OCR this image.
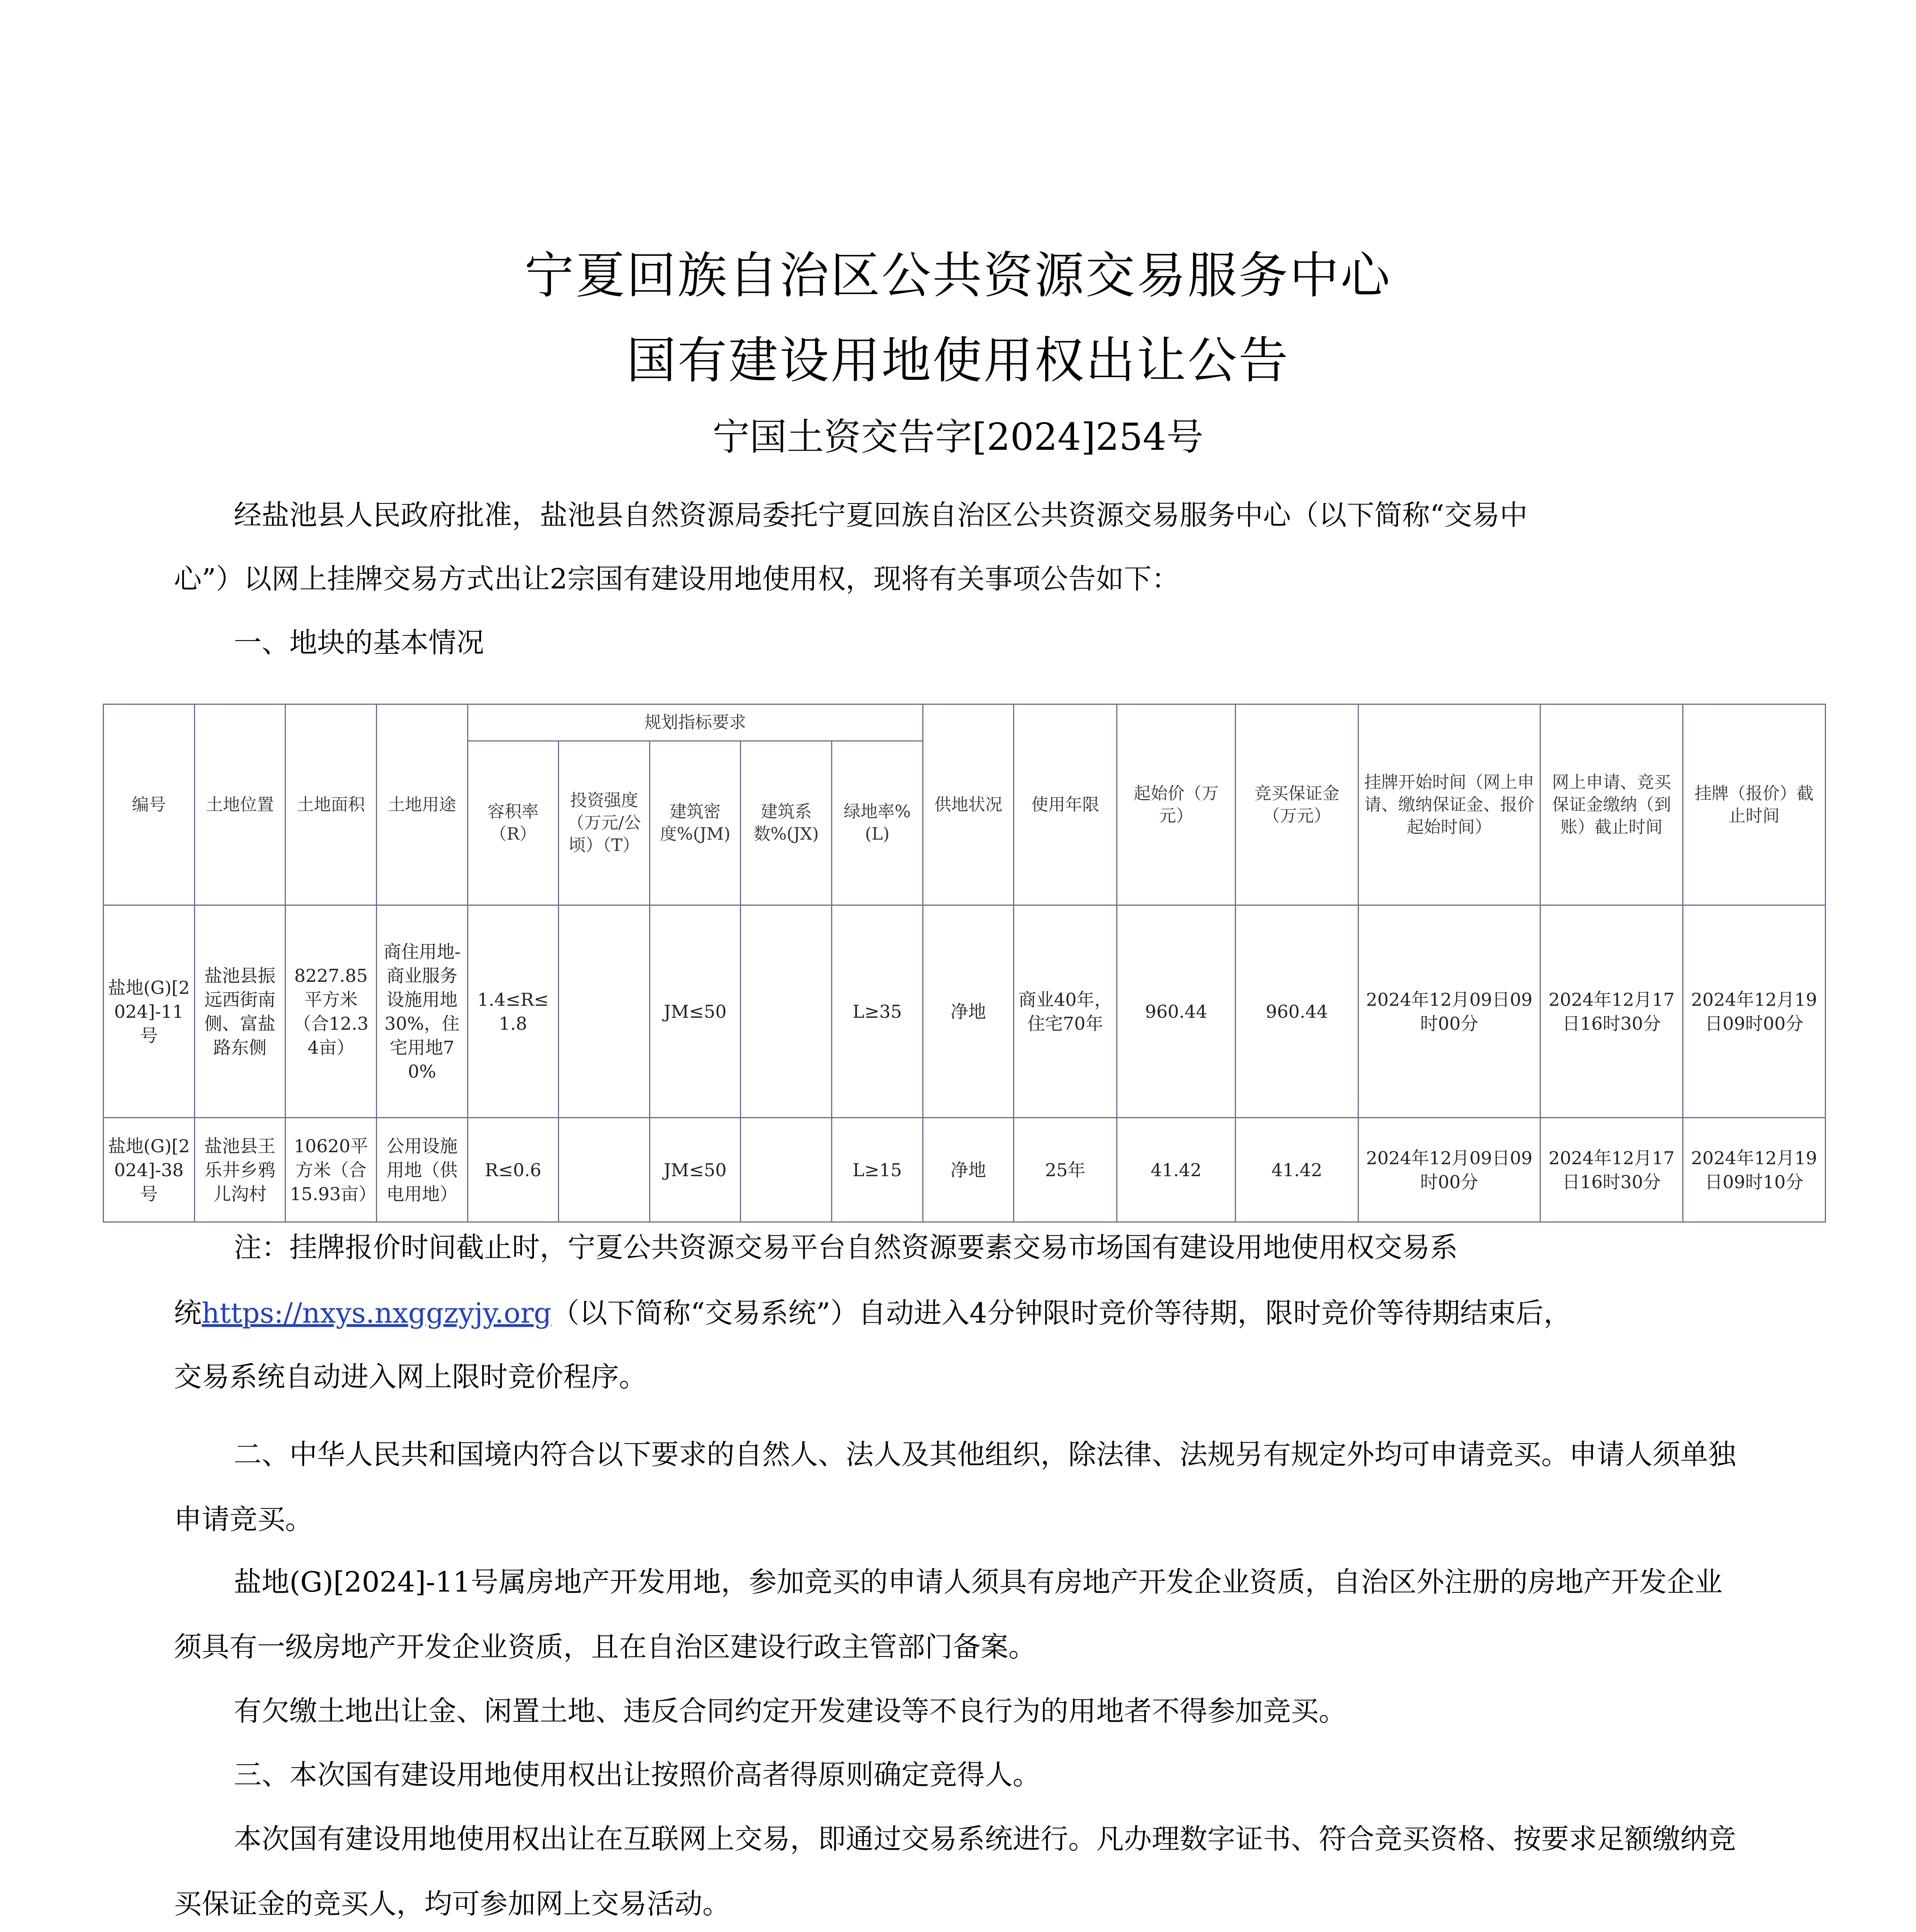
宁夏回族自治区公共资源交易服务中心
国有建设用地使用权出让公告
宁国土资交告字[2024]254号
经盐池县人民政府批准，盐池县自然资源局委托宁夏回族自治区公共资源交易服务中心（以下简称“交易中
心”）以网上挂牌交易方式出让2宗国有建设用地使用权，现将有关事项公告如下：
一、地块的基本情况
编号	土地位置	土地面积	土地用途	规划指标要求					供地状况	使用年限	起始价（万元）	竞买保证金（万元）	挂牌开始时间（网上申请、缴纳保证金、报价起始时间）	网上申请、竞买保证金缴纳（到账）截止时间	挂牌（报价）截止时间
				容积率（R）	投资强度（万元/公顷）（T）	建筑密度%(JM)	建筑系数%(JX)	绿地率%(L)							
盐地(G)[2024]-11号	盐池县振远西街南侧、富盐路东侧	8227.85平方米（合12.34亩）	商住用地- 商业服务设施用地30%，住宅用地70%	1.4≤R≤1.8		JM≤50		L≥35	净地	商业40年，住宅70年	960.44	960.44	2024年12月09日09时00分	2024年12月17日16时30分	2024年12月19日09时00分
盐地(G)[2024]-38号	盐池县王乐井乡鸦儿沟村	10620平方米（合15.93亩）	公用设施用地（供电用地）	R≤0.6		JM≤50		L≥15	净地	25年	41.42	41.42	2024年12月09日09时00分	2024年12月17日16时30分	2024年12月19日09时10分
注：挂牌报价时间截止时，宁夏公共资源交易平台自然资源要素交易市场国有建设用地使用权交易系
统https://nxys.nxggzyjy.org（以下简称“交易系统”）自动进入4分钟限时竞价等待期，限时竞价等待期结束后，
交易系统自动进入网上限时竞价程序。

二、中华人民共和国境内符合以下要求的自然人、法人及其他组织，除法律、法规另有规定外均可申请竞买。申请人须单独申请竞买。

盐地(G)[2024]-11号属房地产开发用地，参加竞买的申请人须具有房地产开发企业资质，自治区外注册的房地产开发企业须具有一级房地产开发企业资质，且在自治区建设行政主管部门备案。

有欠缴土地出让金、闲置土地、违反合同约定开发建设等不良行为的用地者不得参加竞买。
三、本次国有建设用地使用权出让按照价高者得原则确定竞得人。

本次国有建设用地使用权出让在互联网上交易，即通过交易系统进行。凡办理数字证书、符合竞买资格、按要求足额缴纳竞买保证金的竞买人，均可参加网上交易活动。
